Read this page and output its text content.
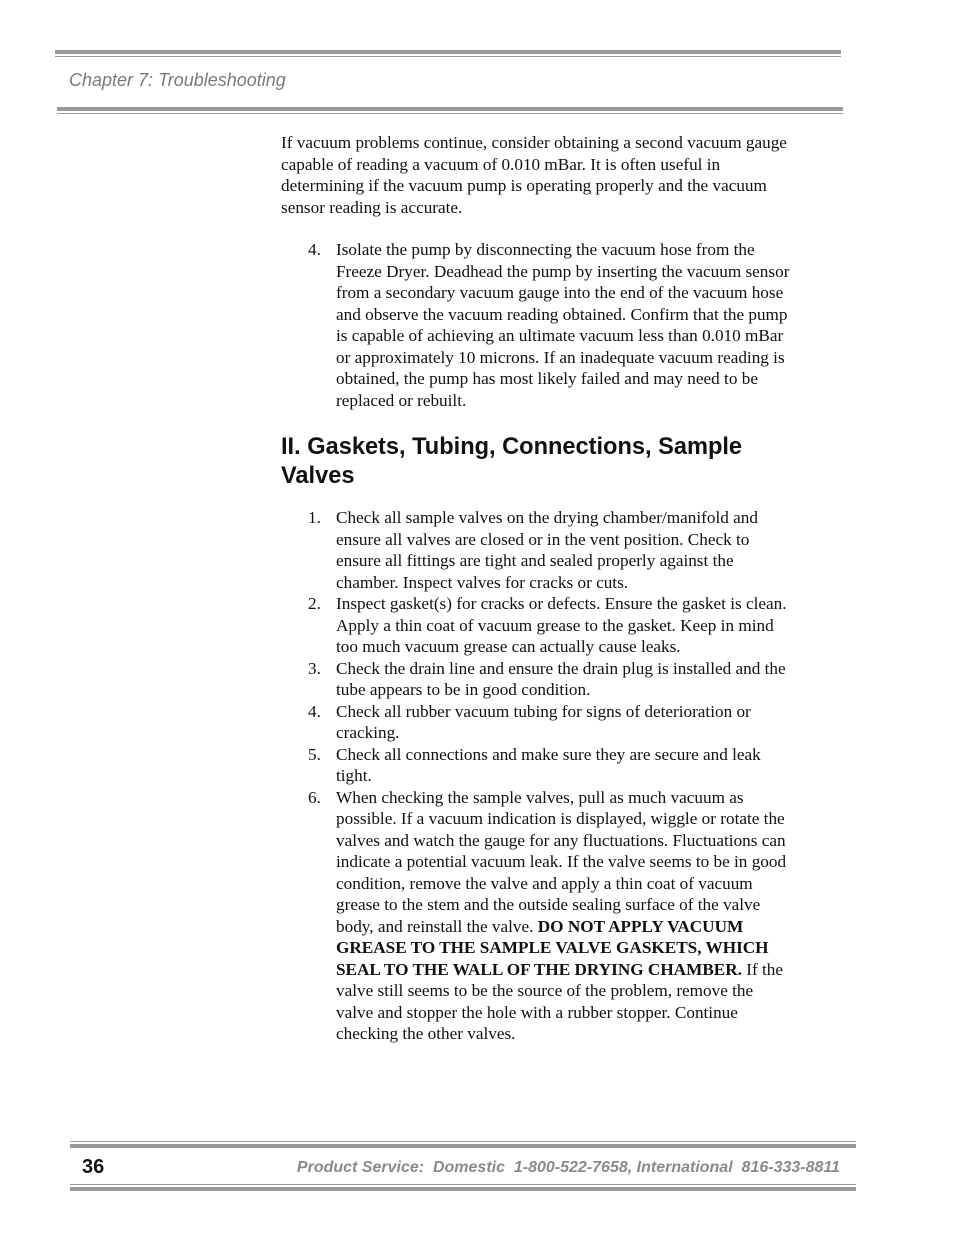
Chapter 7: Troubleshooting

If vacuum problems continue, consider obtaining a second vacuum gauge capable of reading a vacuum of 0.010 mBar. It is often useful in determining if the vacuum pump is operating properly and the vacuum sensor reading is accurate.

4. Isolate the pump by disconnecting the vacuum hose from the Freeze Dryer. Deadhead the pump by inserting the vacuum sensor from a secondary vacuum gauge into the end of the vacuum hose and observe the vacuum reading obtained. Confirm that the pump is capable of achieving an ultimate vacuum less than 0.010 mBar or approximately 10 microns. If an inadequate vacuum reading is obtained, the pump has most likely failed and may need to be replaced or rebuilt.
II. Gaskets, Tubing, Connections, Sample Valves
1. Check all sample valves on the drying chamber/manifold and ensure all valves are closed or in the vent position. Check to ensure all fittings are tight and sealed properly against the chamber. Inspect valves for cracks or cuts.
2. Inspect gasket(s) for cracks or defects. Ensure the gasket is clean. Apply a thin coat of vacuum grease to the gasket. Keep in mind too much vacuum grease can actually cause leaks.
3. Check the drain line and ensure the drain plug is installed and the tube appears to be in good condition.
4. Check all rubber vacuum tubing for signs of deterioration or cracking.
5. Check all connections and make sure they are secure and leak tight.
6. When checking the sample valves, pull as much vacuum as possible. If a vacuum indication is displayed, wiggle or rotate the valves and watch the gauge for any fluctuations. Fluctuations can indicate a potential vacuum leak. If the valve seems to be in good condition, remove the valve and apply a thin coat of vacuum grease to the stem and the outside sealing surface of the valve body, and reinstall the valve. DO NOT APPLY VACUUM GREASE TO THE SAMPLE VALVE GASKETS, WHICH SEAL TO THE WALL OF THE DRYING CHAMBER. If the valve still seems to be the source of the problem, remove the valve and stopper the hole with a rubber stopper. Continue checking the other valves.
36	Product Service:  Domestic  1-800-522-7658, International  816-333-8811
